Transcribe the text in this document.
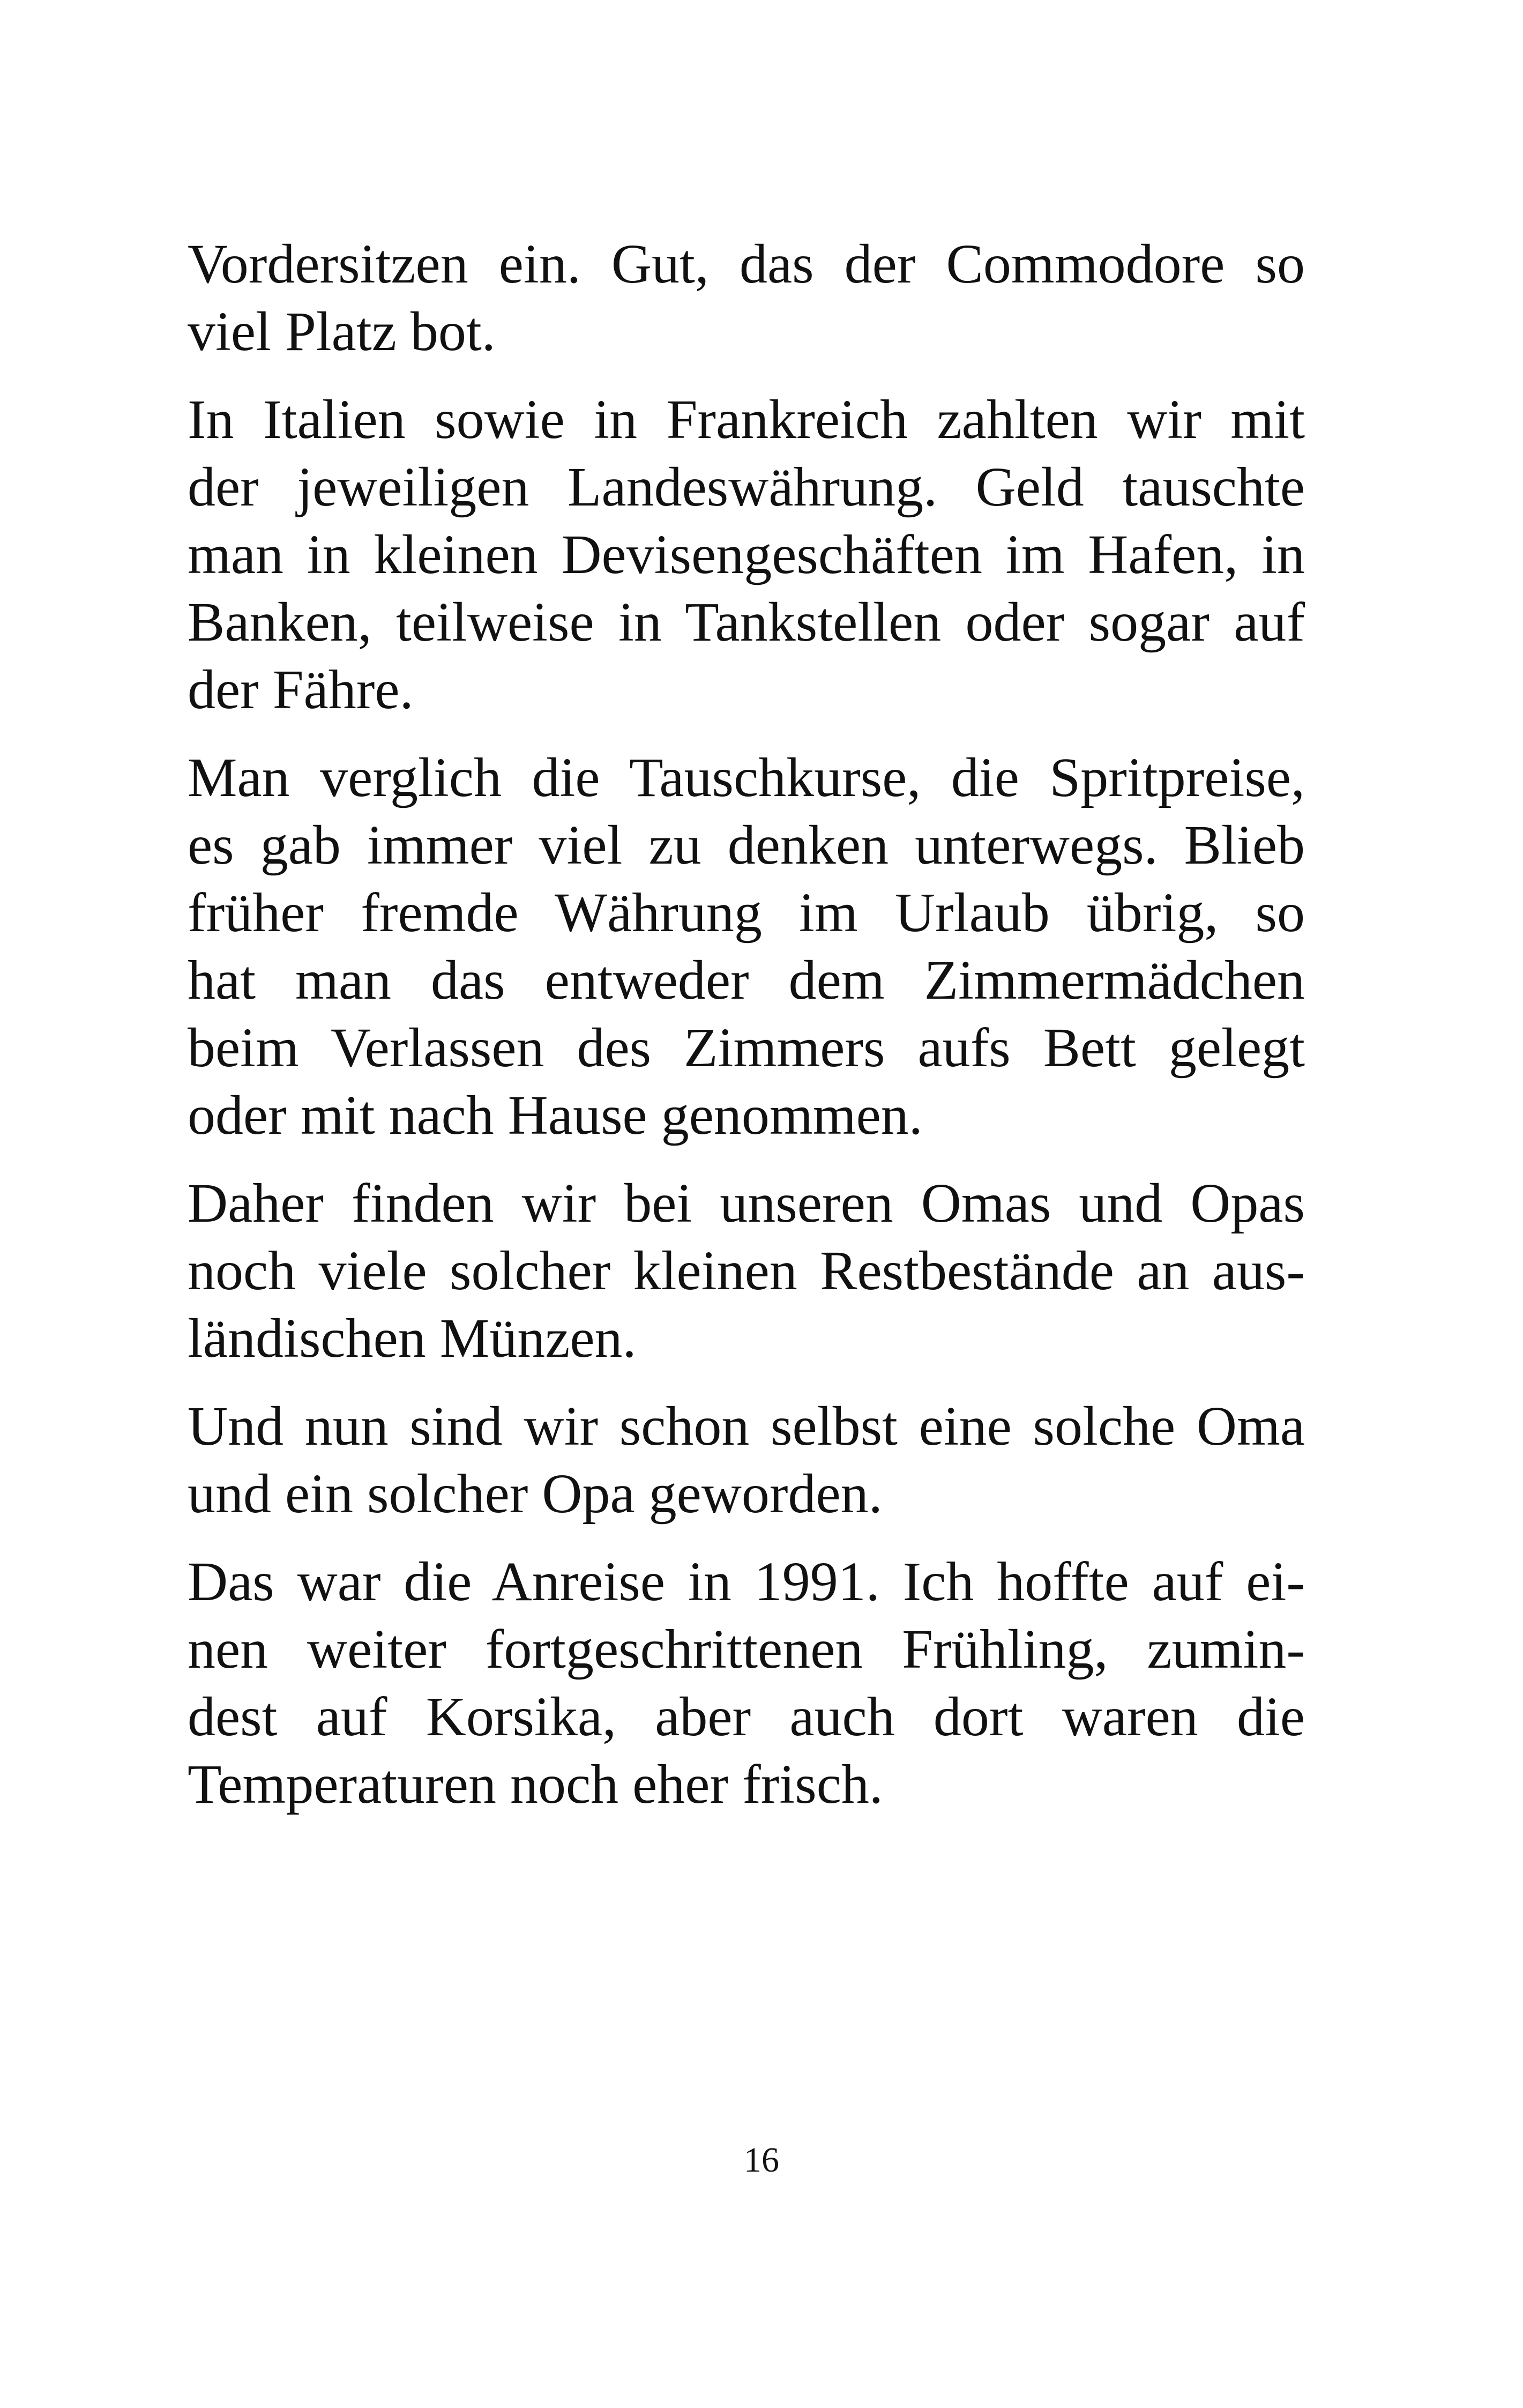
Vordersitzen ein. Gut, das der Commodore so
viel Platz bot.

In Italien sowie in Frankreich zahlten wir mit
der jeweiligen Landeswährung. Geld tauschte
man in kleinen Devisengeschäften im Hafen, in
Banken, teilweise in Tankstellen oder sogar auf
der Fähre.

Man verglich die Tauschkurse, die Spritpreise,
es gab immer viel zu denken unterwegs. Blieb
früher fremde Währung im Urlaub übrig, so
hat man das entweder dem Zimmermädchen
beim Verlassen des Zimmers aufs Bett gelegt
oder mit nach Hause genommen.

Daher finden wir bei unseren Omas und Opas
noch viele solcher kleinen Restbestände an aus-
ländischen Münzen.

Und nun sind wir schon selbst eine solche Oma
und ein solcher Opa geworden.

Das war die Anreise in 1991. Ich hoffte auf ei-
nen weiter fortgeschrittenen Frühling, zumin-
dest auf Korsika, aber auch dort waren die
Temperaturen noch eher frisch.

16
